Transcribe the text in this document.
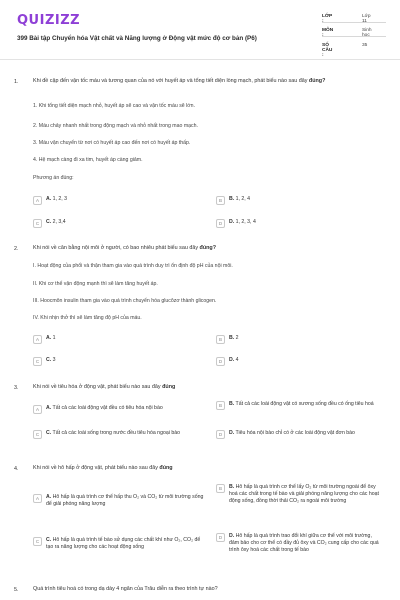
QUIZIZZ
399 Bài tập Chuyển hóa Vật chất và Năng lượng ở Động vật mức độ cơ bản (P6)
LỚP :
Lớp 11
MÔN :
Sinh học
SỐ CÂU :
35
1.	Khi đề cập đến vận tốc máu và tương quan của nó với huyết áp và tổng tiết diện lòng mạch, phát biểu nào sau đây đúng?
1. Khi tổng tiết diện mạch nhỏ, huyết áp sẽ cao và vận tốc máu sẽ lớn.
2. Máu chảy nhanh nhất trong động mạch và nhỏ nhất trong mao mạch.
3. Máu vận chuyển từ nơi có huyết áp cao đến nơi có huyết áp thấp.
4. Hệ mạch càng đi xa tim, huyết áp càng giảm.
Phương án đúng:
A	A. 1, 2, 3	B	B. 1, 2, 4
C	C. 2, 3,4	D	D. 1, 2, 3, 4
2.	Khi nói về cân bằng nội môi ở người, có bao nhiêu phát biểu sau đây đúng?
I. Hoạt động của phổi và thận tham gia vào quá trình duy trì ổn định độ pH của nội môi.
II. Khi cơ thể vận động mạnh thì sẽ làm tăng huyết áp.
III. Hoocmôn insulin tham gia vào quá trình chuyển hóa glucôzơ thành glicogen.
IV. Khi nhịn thở thì sẽ làm tăng độ pH của máu.
A	A. 1	B	B. 2
C	C. 3	D	D. 4
3.	Khi nói về tiêu hóa ở động vật, phát biểu nào sau đây đúng
A	A. Tất cả các loài động vật đều có tiêu hóa nội bào	B	B. Tất cả các loài động vật có xương sống đều có ống tiêu hoá
C	C. Tất cả các loài sống trong nước đều tiêu hóa ngoại bào	D	D. Tiêu hóa nội bào chỉ có ở các loài động vật đơn bào
4.	Khi nói về hô hấp ở động vật, phát biểu nào sau đây đúng
A	A. Hô hấp là quá trình cơ thể hấp thu O₂ và CO₂ từ môi trường sống để giải phóng năng lượng
B	B. Hô hấp là quá trình cơ thể lấy O₂ từ môi trường ngoài để ôxy hoá các chất trong tế bào và giải phóng năng lượng cho các hoạt động sống, đồng thời thải CO₂ ra ngoài môi trường
C	C. Hô hấp là quá trình tế bào sử dụng các chất khí như O₂, CO₂ để tạo ra năng lượng cho các hoạt động sống
D	D. Hô hấp là quá trình trao đổi khí giữa cơ thể với môi trường, đảm bảo cho cơ thể có đầy đủ ôxy và CO₂ cung cấp cho các quá trình ôxy hoá các chất trong tế bào
5.	Quá trình tiêu hoá có trong dạ dày 4 ngăn của Trâu diễn ra theo trình tự nào?
